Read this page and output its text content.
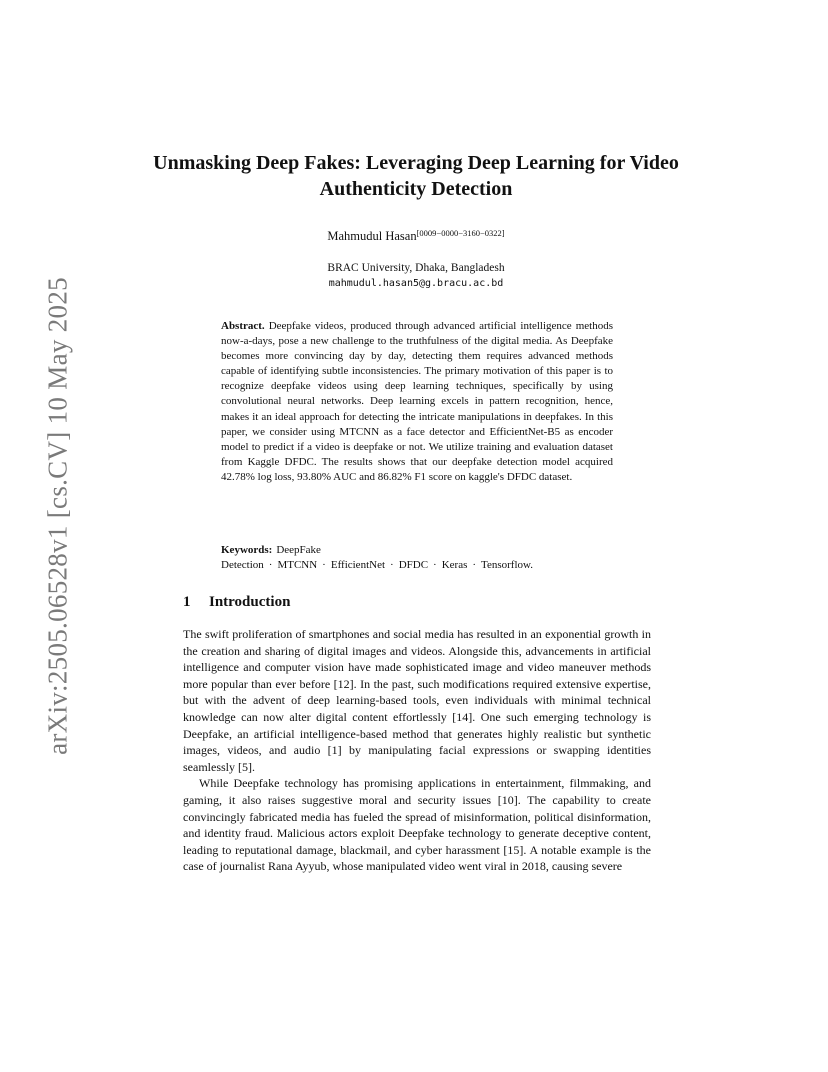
arXiv:2505.06528v1 [cs.CV] 10 May 2025
Unmasking Deep Fakes: Leveraging Deep Learning for Video Authenticity Detection
Mahmudul Hasan[0009−0000−3160−0322]
BRAC University, Dhaka, Bangladesh
mahmudul.hasan5@g.bracu.ac.bd

Abstract. Deepfake videos, produced through advanced artificial intelligence methods now-a-days, pose a new challenge to the truthfulness of the digital media. As Deepfake becomes more convincing day by day, detecting them requires advanced methods capable of identifying subtle inconsistencies. The primary motivation of this paper is to recognize deepfake videos using deep learning techniques, specifically by using convolutional neural networks. Deep learning excels in pattern recognition, hence, makes it an ideal approach for detecting the intricate manipulations in deepfakes. In this paper, we consider using MTCNN as a face detector and EfficientNet-B5 as encoder model to predict if a video is deepfake or not. We utilize training and evaluation dataset from Kaggle DFDC. The results shows that our deepfake detection model acquired 42.78% log loss, 93.80% AUC and 86.82% F1 score on kaggle's DFDC dataset.

Keywords: DeepFake Detection · MTCNN · EfficientNet · DFDC · Keras · Tensorflow.

1 Introduction

The swift proliferation of smartphones and social media has resulted in an exponential growth in the creation and sharing of digital images and videos. Alongside this, advancements in artificial intelligence and computer vision have made sophisticated image and video maneuver methods more popular than ever before [12]. In the past, such modifications required extensive expertise, but with the advent of deep learning-based tools, even individuals with minimal technical knowledge can now alter digital content effortlessly [14]. One such emerging technology is Deepfake, an artificial intelligence-based method that generates highly realistic but synthetic images, videos, and audio [1] by manipulating facial expressions or swapping identities seamlessly [5].

While Deepfake technology has promising applications in entertainment, filmmaking, and gaming, it also raises suggestive moral and security issues [10]. The capability to create convincingly fabricated media has fueled the spread of misinformation, political disinformation, and identity fraud. Malicious actors exploit Deepfake technology to generate deceptive content, leading to reputational damage, blackmail, and cyber harassment [15]. A notable example is the case of journalist Rana Ayyub, whose manipulated video went viral in 2018, causing severe
